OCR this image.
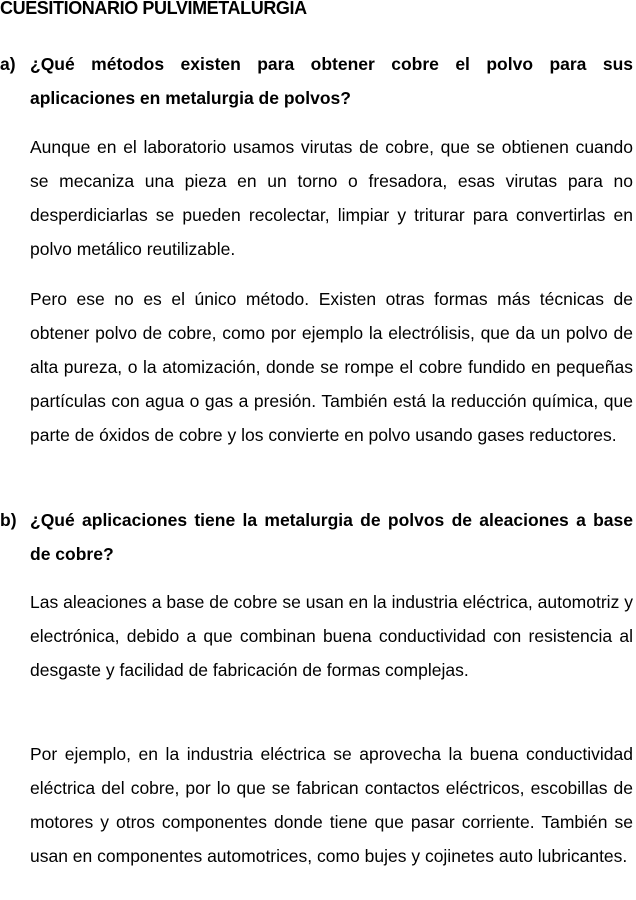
CUESITIONARIO PULVIMETALURGIA
a) ¿Qué métodos existen para obtener cobre el polvo para sus aplicaciones en metalurgia de polvos?

Aunque en el laboratorio usamos virutas de cobre, que se obtienen cuando se mecaniza una pieza en un torno o fresadora, esas virutas para no desperdiciarlas se pueden recolectar, limpiar y triturar para convertirlas en polvo metálico reutilizable.

Pero ese no es el único método. Existen otras formas más técnicas de obtener polvo de cobre, como por ejemplo la electrólisis, que da un polvo de alta pureza, o la atomización, donde se rompe el cobre fundido en pequeñas partículas con agua o gas a presión. También está la reducción química, que parte de óxidos de cobre y los convierte en polvo usando gases reductores.

b) ¿Qué aplicaciones tiene la metalurgia de polvos de aleaciones a base de cobre?

Las aleaciones a base de cobre se usan en la industria eléctrica, automotriz y electrónica, debido a que combinan buena conductividad con resistencia al desgaste y facilidad de fabricación de formas complejas.

Por ejemplo, en la industria eléctrica se aprovecha la buena conductividad eléctrica del cobre, por lo que se fabrican contactos eléctricos, escobillas de motores y otros componentes donde tiene que pasar corriente. También se usan en componentes automotrices, como bujes y cojinetes auto lubricantes.
